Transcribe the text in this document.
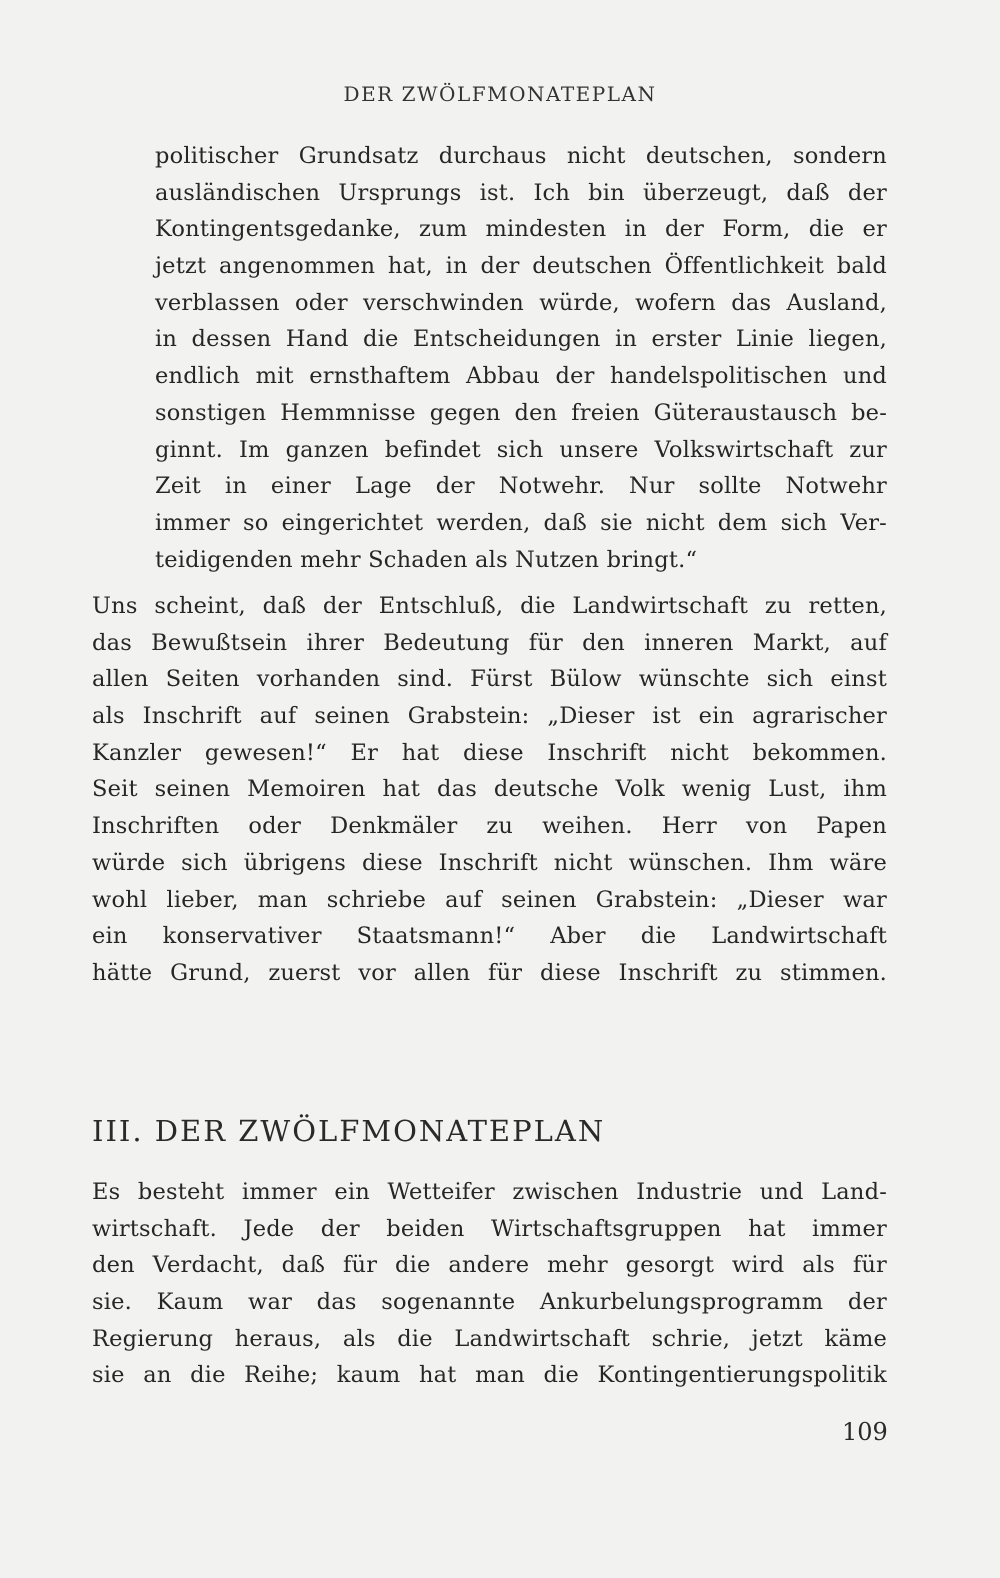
DER ZWÖLFMONATEPLAN
politischer Grundsatz durchaus nicht deutschen, sondern
ausländischen Ursprungs ist. Ich bin überzeugt, daß der
Kontingentsgedanke, zum mindesten in der Form, die er
jetzt angenommen hat, in der deutschen Öffentlichkeit bald
verblassen oder verschwinden würde, wofern das Ausland,
in dessen Hand die Entscheidungen in erster Linie liegen,
endlich mit ernsthaftem Abbau der handelspolitischen und
sonstigen Hemmnisse gegen den freien Güteraustausch be-
ginnt. Im ganzen befindet sich unsere Volkswirtschaft zur
Zeit in einer Lage der Notwehr. Nur sollte Notwehr
immer so eingerichtet werden, daß sie nicht dem sich Ver-
teidigenden mehr Schaden als Nutzen bringt.“
Uns scheint, daß der Entschluß, die Landwirtschaft zu retten,
das Bewußtsein ihrer Bedeutung für den inneren Markt, auf
allen Seiten vorhanden sind. Fürst Bülow wünschte sich einst
als Inschrift auf seinen Grabstein: „Dieser ist ein agrarischer
Kanzler gewesen!“ Er hat diese Inschrift nicht bekommen.
Seit seinen Memoiren hat das deutsche Volk wenig Lust, ihm
Inschriften oder Denkmäler zu weihen. Herr von Papen
würde sich übrigens diese Inschrift nicht wünschen. Ihm wäre
wohl lieber, man schriebe auf seinen Grabstein: „Dieser war
ein konservativer Staatsmann!“ Aber die Landwirtschaft
hätte Grund, zuerst vor allen für diese Inschrift zu stimmen.
III. DER ZWÖLFMONATEPLAN
Es besteht immer ein Wetteifer zwischen Industrie und Land-
wirtschaft. Jede der beiden Wirtschaftsgruppen hat immer
den Verdacht, daß für die andere mehr gesorgt wird als für
sie. Kaum war das sogenannte Ankurbelungsprogramm der
Regierung heraus, als die Landwirtschaft schrie, jetzt käme
sie an die Reihe; kaum hat man die Kontingentierungspolitik
109
